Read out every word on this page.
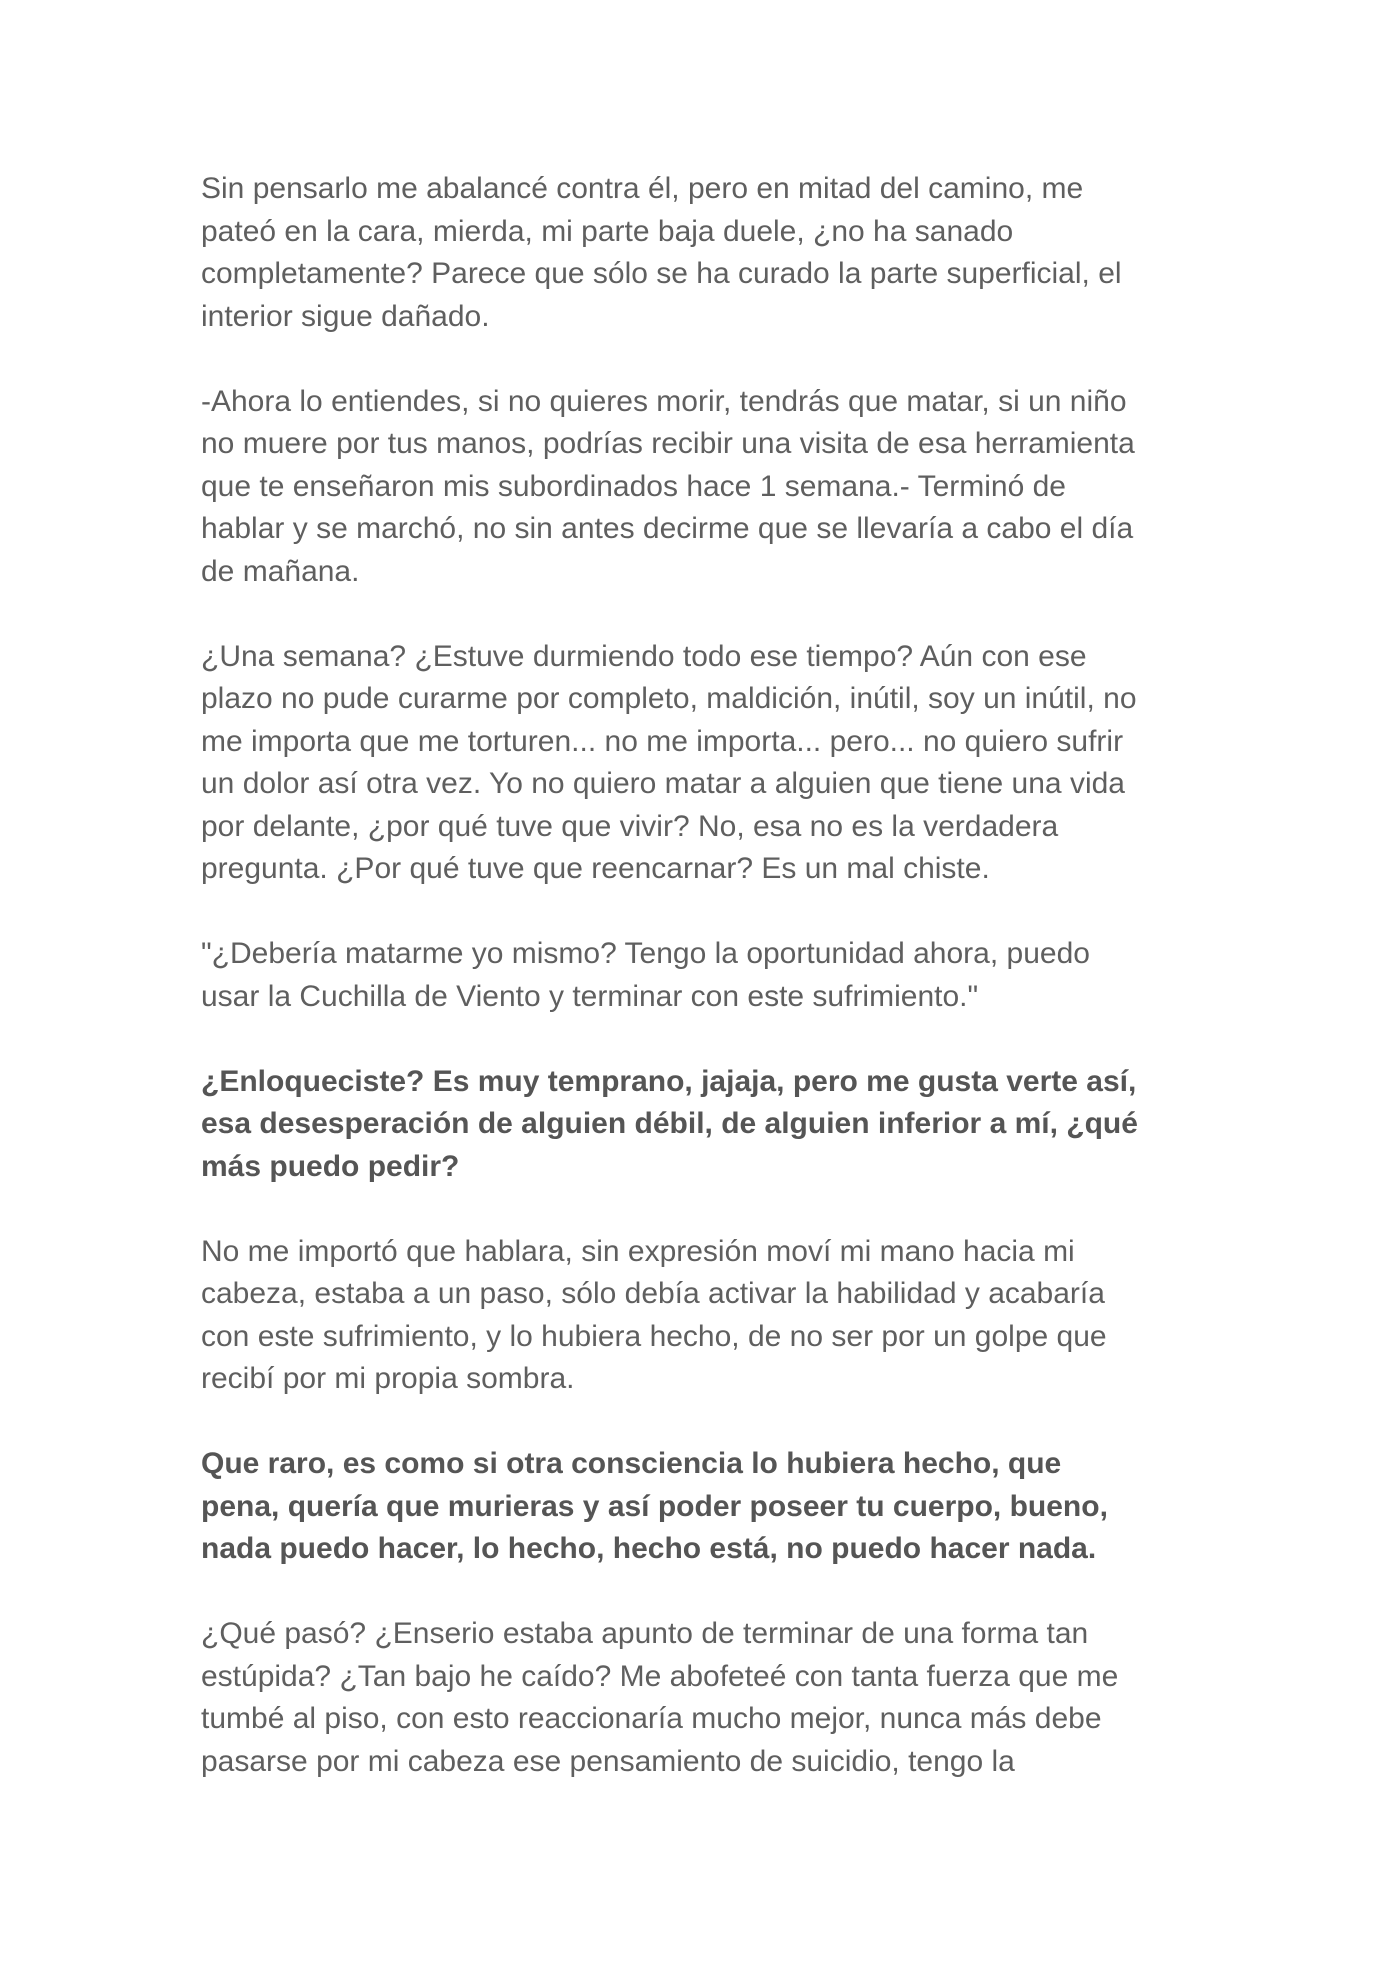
Sin pensarlo me abalancé contra él, pero en mitad del camino, me
pateó en la cara, mierda, mi parte baja duele, ¿no ha sanado
completamente? Parece que sólo se ha curado la parte superficial, el
interior sigue dañado.

-Ahora lo entiendes, si no quieres morir, tendrás que matar, si un niño
no muere por tus manos, podrías recibir una visita de esa herramienta
que te enseñaron mis subordinados hace 1 semana.- Terminó de
hablar y se marchó, no sin antes decirme que se llevaría a cabo el día
de mañana.

¿Una semana? ¿Estuve durmiendo todo ese tiempo? Aún con ese
plazo no pude curarme por completo, maldición, inútil, soy un inútil, no
me importa que me torturen... no me importa... pero... no quiero sufrir
un dolor así otra vez. Yo no quiero matar a alguien que tiene una vida
por delante, ¿por qué tuve que vivir? No, esa no es la verdadera
pregunta. ¿Por qué tuve que reencarnar? Es un mal chiste.

"¿Debería matarme yo mismo? Tengo la oportunidad ahora, puedo
usar la Cuchilla de Viento y terminar con este sufrimiento."

¿Enloqueciste? Es muy temprano, jajaja, pero me gusta verte así,
esa desesperación de alguien débil, de alguien inferior a mí, ¿qué
más puedo pedir?

No me importó que hablara, sin expresión moví mi mano hacia mi
cabeza, estaba a un paso, sólo debía activar la habilidad y acabaría
con este sufrimiento, y lo hubiera hecho, de no ser por un golpe que
recibí por mi propia sombra.

Que raro, es como si otra consciencia lo hubiera hecho, que
pena, quería que murieras y así poder poseer tu cuerpo, bueno,
nada puedo hacer, lo hecho, hecho está, no puedo hacer nada.

¿Qué pasó? ¿Enserio estaba apunto de terminar de una forma tan
estúpida? ¿Tan bajo he caído? Me abofeteé con tanta fuerza que me
tumbé al piso, con esto reaccionaría mucho mejor, nunca más debe
pasarse por mi cabeza ese pensamiento de suicidio, tengo la
